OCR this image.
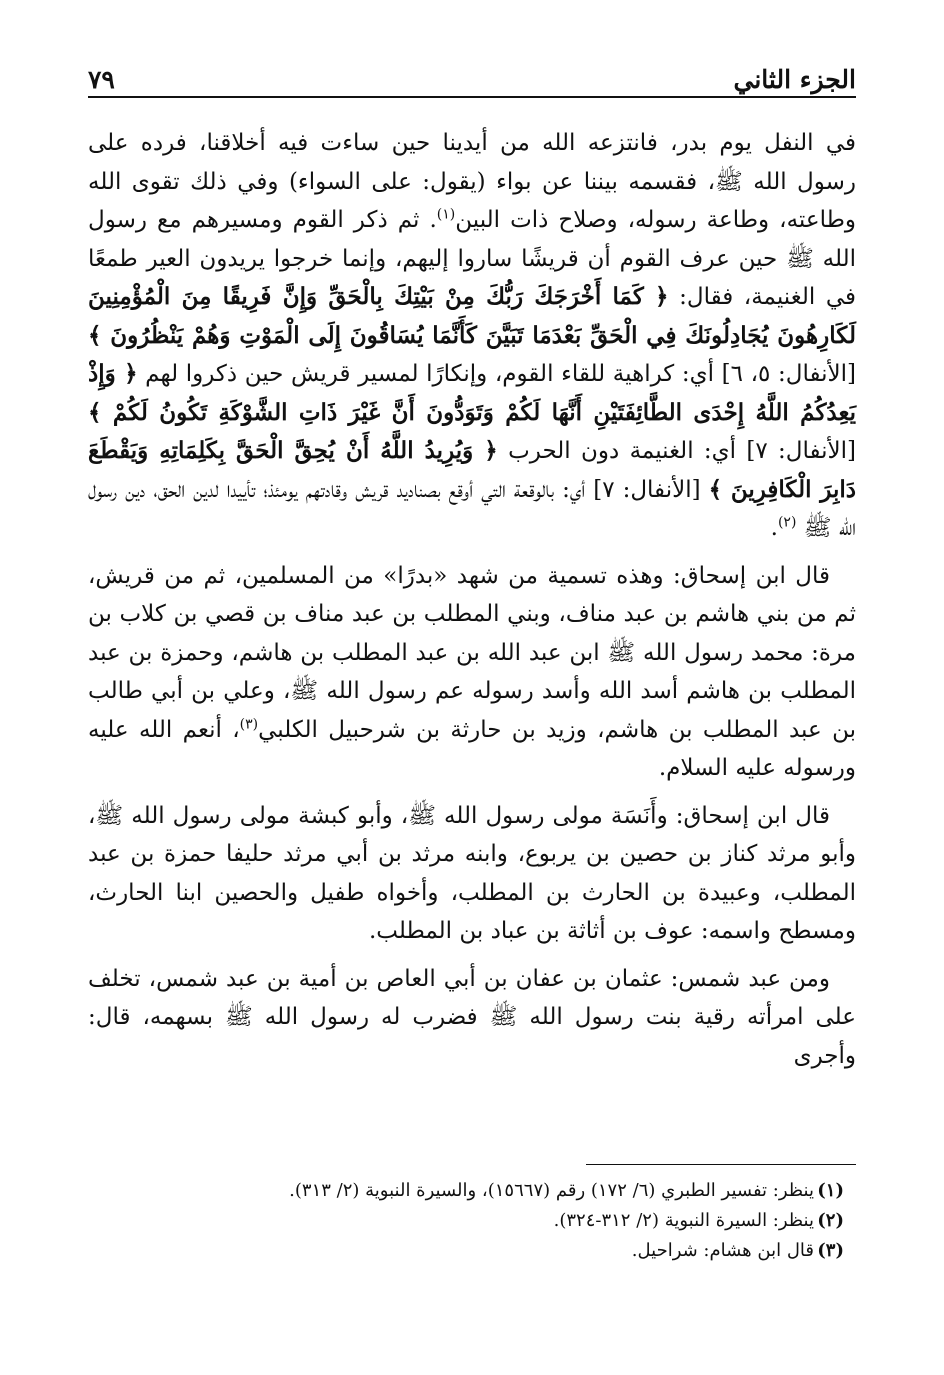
الجزء الثاني
٧٩

في النفل يوم بدر، فانتزعه الله من أيدينا حين ساءت فيه أخلاقنا، فرده على رسول الله ﷺ، فقسمه بيننا عن بواء (يقول: على السواء) وفي ذلك تقوى الله وطاعته، وطاعة رسوله، وصلاح ذات البين$^{(١)}$. ثم ذكر القوم ومسيرهم مع رسول الله ﷺ حين عرف القوم أن قريشًا ساروا إليهم، وإنما خرجوا يريدون العير طمعًا في الغنيمة، فقال: ﴿ كَمَا أَخْرَجَكَ رَبُّكَ مِنْ بَيْتِكَ بِالْحَقِّ وَإِنَّ فَرِيقًا مِنَ الْمُؤْمِنِينَ لَكَارِهُونَ يُجَادِلُونَكَ فِي الْحَقِّ بَعْدَمَا تَبَيَّنَ كَأَنَّمَا يُسَاقُونَ إِلَى الْمَوْتِ وَهُمْ يَنْظُرُونَ ﴾ [الأنفال: ٥، ٦] أي: كراهية للقاء القوم، وإنكارًا لمسير قريش حين ذكروا لهم ﴿ وَإِذْ يَعِدُكُمُ اللَّهُ إِحْدَى الطَّائِفَتَيْنِ أَنَّهَا لَكُمْ وَتَوَدُّونَ أَنَّ غَيْرَ ذَاتِ الشَّوْكَةِ تَكُونُ لَكُمْ ﴾ [الأنفال: ٧] أي: الغنيمة دون الحرب ﴿ وَيُرِيدُ اللَّهُ أَنْ يُحِقَّ الْحَقَّ بِكَلِمَاتِهِ وَيَقْطَعَ دَابِرَ الْكَافِرِينَ ﴾ [الأنفال: ٧] أي: بالوقعة التي أوقع بصناديد قريش وقادتهم يومئذ؛ تأييدا لدين الحق، دين رسول الله ﷺ $^{(٢)}$.

قال ابن إسحاق: وهذه تسمية من شهد «بدرًا» من المسلمين، ثم من قريش، ثم من بني هاشم بن عبد مناف، وبني المطلب بن عبد مناف بن قصي بن كلاب بن مرة: محمد رسول الله ﷺ ابن عبد الله بن عبد المطلب بن هاشم، وحمزة بن عبد المطلب بن هاشم أسد الله وأسد رسوله عم رسول الله ﷺ، وعلي بن أبي طالب بن عبد المطلب بن هاشم، وزيد بن حارثة بن شرحبيل الكلبي$^{(٣)}$، أنعم الله عليه ورسوله عليه السلام.

قال ابن إسحاق: وأَنَسَة مولى رسول الله ﷺ، وأبو كبشة مولى رسول الله ﷺ، وأبو مرثد كناز بن حصين بن يربوع، وابنه مرثد بن أبي مرثد حليفا حمزة بن عبد المطلب، وعبيدة بن الحارث بن المطلب، وأخواه طفيل والحصين ابنا الحارث، ومسطح واسمه: عوف بن أثاثة بن عباد بن المطلب.

ومن عبد شمس: عثمان بن عفان بن أبي العاص بن أمية بن عبد شمس، تخلف على امرأته رقية بنت رسول الله ﷺ فضرب له رسول الله ﷺ بسهمه، قال: وأجرى

(١)ينظر: تفسير الطبري (٦/ ١٧٢) رقم (١٥٦٦٧)، والسيرة النبوية (٢/ ٣١٣).

(٢)ينظر: السيرة النبوية (٢/ ٣١٢-٣٢٤).

(٣)قال ابن هشام: شراحيل.
